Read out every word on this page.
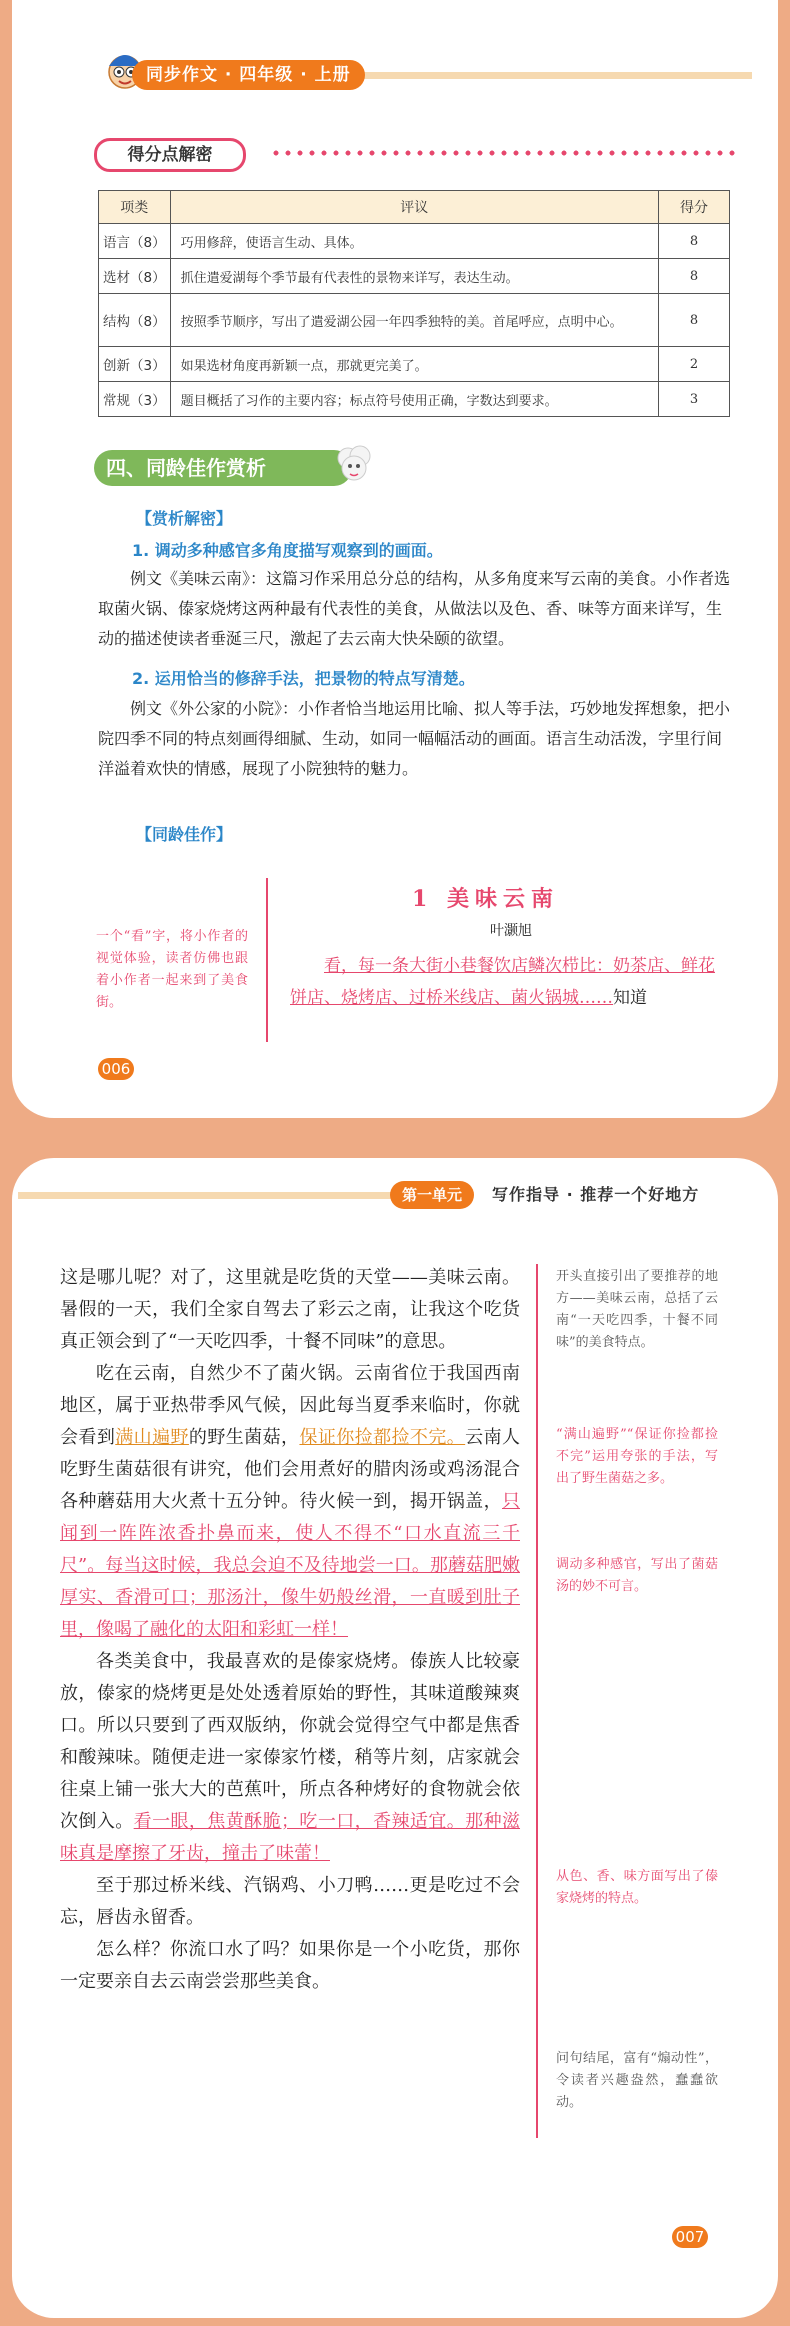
同步作文 · 四年级 · 上册
得分点解密
项类	评议	得分
语言（8）	巧用修辞，使语言生动、具体。	8
选材（8）	抓住遣爱湖每个季节最有代表性的景物来详写，表达生动。	8
结构（8）	按照季节顺序，写出了遣爱湖公园一年四季独特的美。首尾呼应，点明中心。	8
创新（3）	如果选材角度再新颖一点，那就更完美了。	2
常规（3）	题目概括了习作的主要内容；标点符号使用正确，字数达到要求。	3
四、同龄佳作赏析
【赏析解密】
1. 调动多种感官多角度描写观察到的画面。
例文《美味云南》：这篇习作采用总分总的结构，从多角度来写云南的美食。小作者选取菌火锅、傣家烧烤这两种最有代表性的美食，从做法以及色、香、味等方面来详写，生动的描述使读者垂涎三尺，激起了去云南大快朵颐的欲望。
2. 运用恰当的修辞手法，把景物的特点写清楚。
例文《外公家的小院》：小作者恰当地运用比喻、拟人等手法，巧妙地发挥想象，把小院四季不同的特点刻画得细腻、生动，如同一幅幅活动的画面。语言生动活泼，字里行间洋溢着欢快的情感，展现了小院独特的魅力。
【同龄佳作】
一个“看”字，将小作者的视觉体验，读者仿佛也跟着小作者一起来到了美食街。
1 美味云南
叶灏旭
看，每一条大街小巷餐饮店鳞次栉比：奶茶店、鲜花饼店、烧烤店、过桥米线店、菌火锅城……知道
006
第一单元	写作指导 · 推荐一个好地方

这是哪儿呢？对了，这里就是吃货的天堂——美味云南。暑假的一天，我们全家自驾去了彩云之南，让我这个吃货真正领会到了“一天吃四季，十餐不同味”的意思。

吃在云南，自然少不了菌火锅。云南省位于我国西南地区，属于亚热带季风气候，因此每当夏季来临时，你就会看到满山遍野的野生菌菇，保证你捡都捡不完。云南人吃野生菌菇很有讲究，他们会用煮好的腊肉汤或鸡汤混合各种蘑菇用大火煮十五分钟。待火候一到，揭开锅盖，只闻到一阵阵浓香扑鼻而来，使人不得不“口水直流三千尺”。每当这时候，我总会迫不及待地尝一口。那蘑菇肥嫩厚实、香滑可口；那汤汁，像牛奶般丝滑，一直暖到肚子里，像喝了融化的太阳和彩虹一样！

各类美食中，我最喜欢的是傣家烧烤。傣族人比较豪放，傣家的烧烤更是处处透着原始的野性，其味道酸辣爽口。所以只要到了西双版纳，你就会觉得空气中都是焦香和酸辣味。随便走进一家傣家竹楼，稍等片刻，店家就会往桌上铺一张大大的芭蕉叶，所点各种烤好的食物就会依次倒入。看一眼，焦黄酥脆；吃一口，香辣适宜。那种滋味真是摩擦了牙齿，撞击了味蕾！

至于那过桥米线、汽锅鸡、小刀鸭……更是吃过不会忘，唇齿永留香。

怎么样？你流口水了吗？如果你是一个小吃货，那你一定要亲自去云南尝尝那些美食。

开头直接引出了要推荐的地方——美味云南，总括了云南“一天吃四季，十餐不同味”的美食特点。
“满山遍野”“保证你捡都捡不完”运用夸张的手法，写出了野生菌菇之多。
调动多种感官，写出了菌菇汤的妙不可言。
从色、香、味方面写出了傣家烧烤的特点。
问句结尾，富有“煽动性”，令读者兴趣盎然，蠢蠢欲动。
007
